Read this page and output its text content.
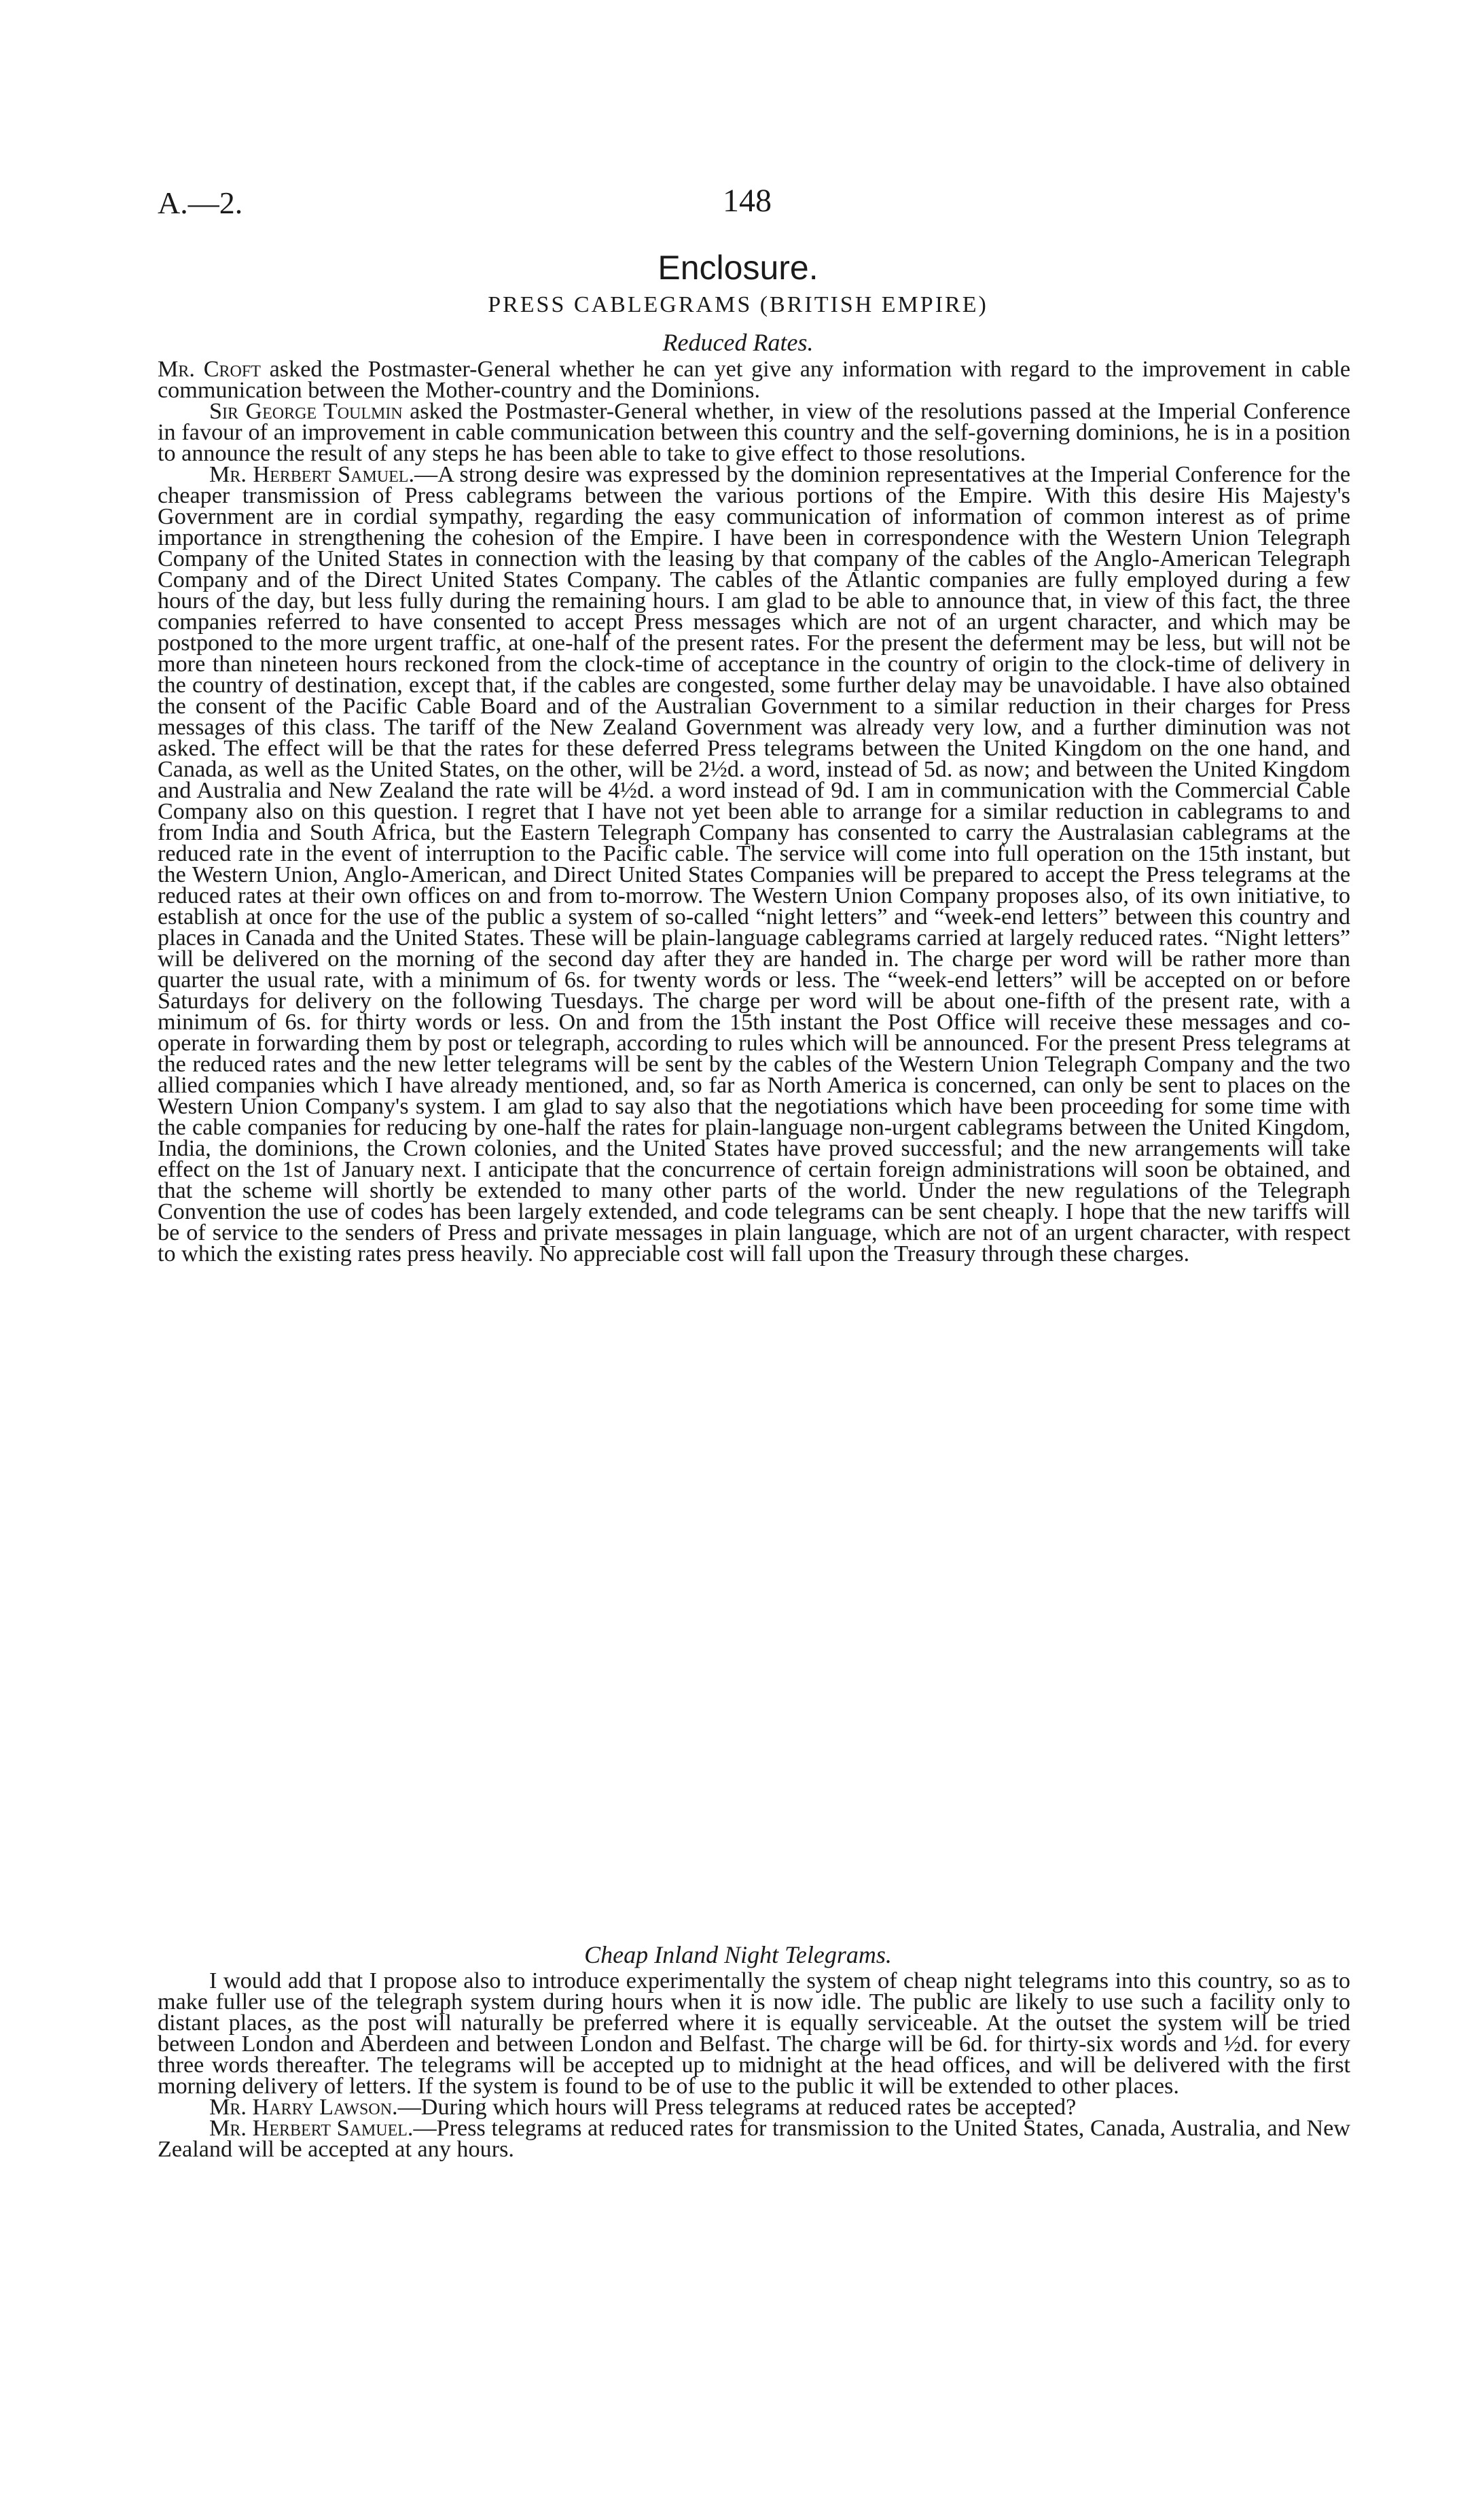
A.—2.	148
Enclosure.
PRESS CABLEGRAMS (BRITISH EMPIRE)
Reduced Rates.

Mr. Croft asked the Postmaster-General whether he can yet give any information with regard to the improvement in cable communication between the Mother-country and the Dominions.

Sir George Toulmin asked the Postmaster-General whether, in view of the resolutions passed at the Imperial Conference in favour of an improvement in cable communication between this country and the self-governing dominions, he is in a position to announce the result of any steps he has been able to take to give effect to those resolutions.

Mr. Herbert Samuel.—A strong desire was expressed by the dominion representatives at the Imperial Conference for the cheaper transmission of Press cablegrams between the various portions of the Empire. With this desire His Majesty's Government are in cordial sympathy, regarding the easy communication of information of common interest as of prime importance in strengthening the cohesion of the Empire. I have been in correspondence with the Western Union Telegraph Company of the United States in connection with the leasing by that company of the cables of the Anglo-American Telegraph Company and of the Direct United States Company. The cables of the Atlantic companies are fully employed during a few hours of the day, but less fully during the remaining hours. I am glad to be able to announce that, in view of this fact, the three companies referred to have consented to accept Press messages which are not of an urgent character, and which may be postponed to the more urgent traffic, at one-half of the present rates. For the present the deferment may be less, but will not be more than nineteen hours reckoned from the clock-time of acceptance in the country of origin to the clock-time of delivery in the country of destination, except that, if the cables are congested, some further delay may be unavoidable. I have also obtained the consent of the Pacific Cable Board and of the Australian Government to a similar reduction in their charges for Press messages of this class. The tariff of the New Zealand Government was already very low, and a further diminution was not asked. The effect will be that the rates for these deferred Press telegrams between the United Kingdom on the one hand, and Canada, as well as the United States, on the other, will be 2½d. a word, instead of 5d. as now; and between the United Kingdom and Australia and New Zealand the rate will be 4½d. a word instead of 9d. I am in communication with the Commercial Cable Company also on this question. I regret that I have not yet been able to arrange for a similar reduction in cablegrams to and from India and South Africa, but the Eastern Telegraph Company has consented to carry the Australasian cablegrams at the reduced rate in the event of interruption to the Pacific cable. The service will come into full operation on the 15th instant, but the Western Union, Anglo-American, and Direct United States Companies will be prepared to accept the Press telegrams at the reduced rates at their own offices on and from to-morrow. The Western Union Company proposes also, of its own initiative, to establish at once for the use of the public a system of so-called “night letters” and “week-end letters” between this country and places in Canada and the United States. These will be plain-language cablegrams carried at largely reduced rates. “Night letters” will be delivered on the morning of the second day after they are handed in. The charge per word will be rather more than quarter the usual rate, with a minimum of 6s. for twenty words or less. The “week-end letters” will be accepted on or before Saturdays for delivery on the following Tuesdays. The charge per word will be about one-fifth of the present rate, with a minimum of 6s. for thirty words or less. On and from the 15th instant the Post Office will receive these messages and co-operate in forwarding them by post or telegraph, according to rules which will be announced. For the present Press telegrams at the reduced rates and the new letter telegrams will be sent by the cables of the Western Union Telegraph Company and the two allied companies which I have already mentioned, and, so far as North America is concerned, can only be sent to places on the Western Union Company's system. I am glad to say also that the negotiations which have been proceeding for some time with the cable companies for reducing by one-half the rates for plain-language non-urgent cablegrams between the United Kingdom, India, the dominions, the Crown colonies, and the United States have proved successful; and the new arrangements will take effect on the 1st of January next. I anticipate that the concurrence of certain foreign administrations will soon be obtained, and that the scheme will shortly be extended to many other parts of the world. Under the new regulations of the Telegraph Convention the use of codes has been largely extended, and code telegrams can be sent cheaply. I hope that the new tariffs will be of service to the senders of Press and private messages in plain language, which are not of an urgent character, with respect to which the existing rates press heavily. No appreciable cost will fall upon the Treasury through these charges.

Cheap Inland Night Telegrams.

I would add that I propose also to introduce experimentally the system of cheap night telegrams into this country, so as to make fuller use of the telegraph system during hours when it is now idle. The public are likely to use such a facility only to distant places, as the post will naturally be preferred where it is equally serviceable. At the outset the system will be tried between London and Aberdeen and between London and Belfast. The charge will be 6d. for thirty-six words and ½d. for every three words thereafter. The telegrams will be accepted up to midnight at the head offices, and will be delivered with the first morning delivery of letters. If the system is found to be of use to the public it will be extended to other places.

Mr. Harry Lawson.—During which hours will Press telegrams at reduced rates be accepted?

Mr. Herbert Samuel.—Press telegrams at reduced rates for transmission to the United States, Canada, Australia, and New Zealand will be accepted at any hours.
